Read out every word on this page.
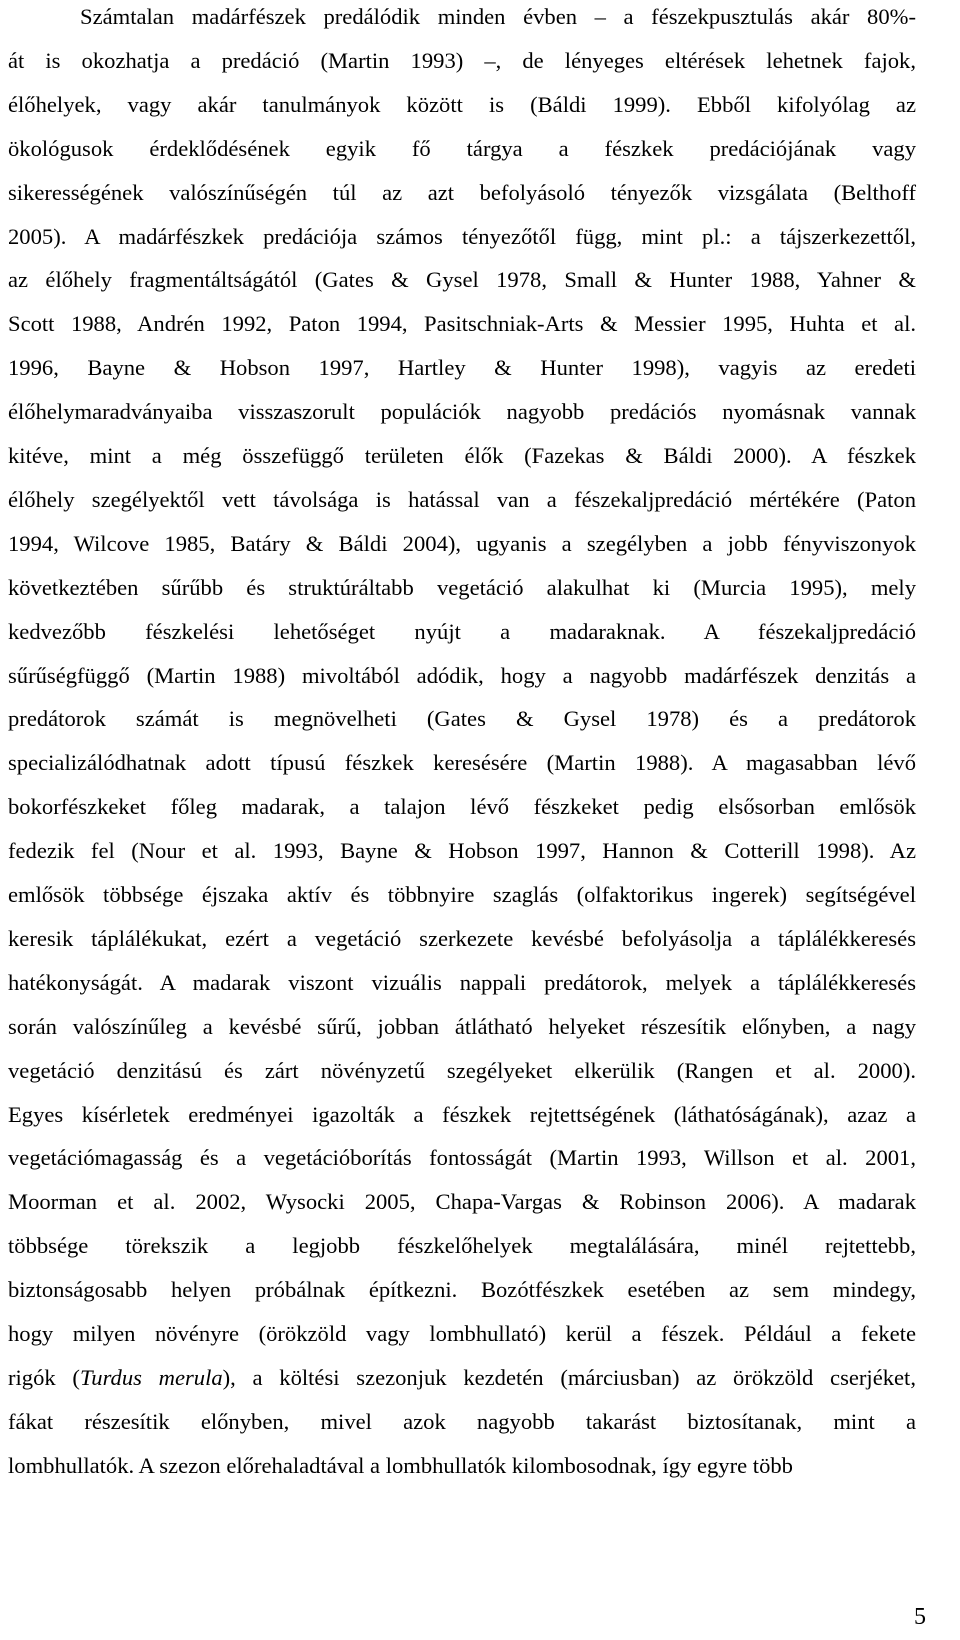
Számtalan madárfészek predálódik minden évben – a fészekpusztulás akár 80%-
át is okozhatja a predáció (Martin 1993) –, de lényeges eltérések lehetnek fajok,
élőhelyek, vagy akár tanulmányok között is (Báldi 1999). Ebből kifolyólag az
ökológusok érdeklődésének egyik fő tárgya a fészkek predációjának vagy
sikerességének valószínűségén túl az azt befolyásoló tényezők vizsgálata (Belthoff
2005). A madárfészkek predációja számos tényezőtől függ, mint pl.: a tájszerkezettől,
az élőhely fragmentáltságától (Gates & Gysel 1978, Small & Hunter 1988, Yahner &
Scott 1988, Andrén 1992, Paton 1994, Pasitschniak-Arts & Messier 1995, Huhta et al.
1996, Bayne & Hobson 1997, Hartley & Hunter 1998), vagyis az eredeti
élőhelymaradványaiba visszaszorult populációk nagyobb predációs nyomásnak vannak
kitéve, mint a még összefüggő területen élők (Fazekas & Báldi 2000). A fészkek
élőhely szegélyektől vett távolsága is hatással van a fészekaljpredáció mértékére (Paton
1994, Wilcove 1985, Batáry & Báldi 2004), ugyanis a szegélyben a jobb fényviszonyok
következtében sűrűbb és struktúráltabb vegetáció alakulhat ki (Murcia 1995), mely
kedvezőbb fészkelési lehetőséget nyújt a madaraknak. A fészekaljpredáció
sűrűségfüggő (Martin 1988) mivoltából adódik, hogy a nagyobb madárfészek denzitás a
predátorok számát is megnövelheti (Gates & Gysel 1978) és a predátorok
specializálódhatnak adott típusú fészkek keresésére (Martin 1988). A magasabban lévő
bokorfészkeket főleg madarak, a talajon lévő fészkeket pedig elsősorban emlősök
fedezik fel (Nour et al. 1993, Bayne & Hobson 1997, Hannon & Cotterill 1998). Az
emlősök többsége éjszaka aktív és többnyire szaglás (olfaktorikus ingerek) segítségével
keresik táplálékukat, ezért a vegetáció szerkezete kevésbé befolyásolja a táplálékkeresés
hatékonyságát. A madarak viszont vizuális nappali predátorok, melyek a táplálékkeresés
során valószínűleg a kevésbé sűrű, jobban átlátható helyeket részesítik előnyben, a nagy
vegetáció denzitású és zárt növényzetű szegélyeket elkerülik (Rangen et al. 2000).
Egyes kísérletek eredményei igazolták a fészkek rejtettségének (láthatóságának), azaz a
vegetációmagasság és a vegetációborítás fontosságát (Martin 1993, Willson et al. 2001,
Moorman et al. 2002, Wysocki 2005, Chapa-Vargas & Robinson 2006). A madarak
többsége törekszik a legjobb fészkelőhelyek megtalálására, minél rejtettebb,
biztonságosabb helyen próbálnak építkezni. Bozótfészkek esetében az sem mindegy,
hogy milyen növényre (örökzöld vagy lombhullató) kerül a fészek. Például a fekete
rigók (Turdus merula), a költési szezonjuk kezdetén (márciusban) az örökzöld cserjéket,
fákat részesítik előnyben, mivel azok nagyobb takarást biztosítanak, mint a
lombhullatók. A szezon előrehaladtával a lombhullatók kilombosodnak, így egyre több
5
